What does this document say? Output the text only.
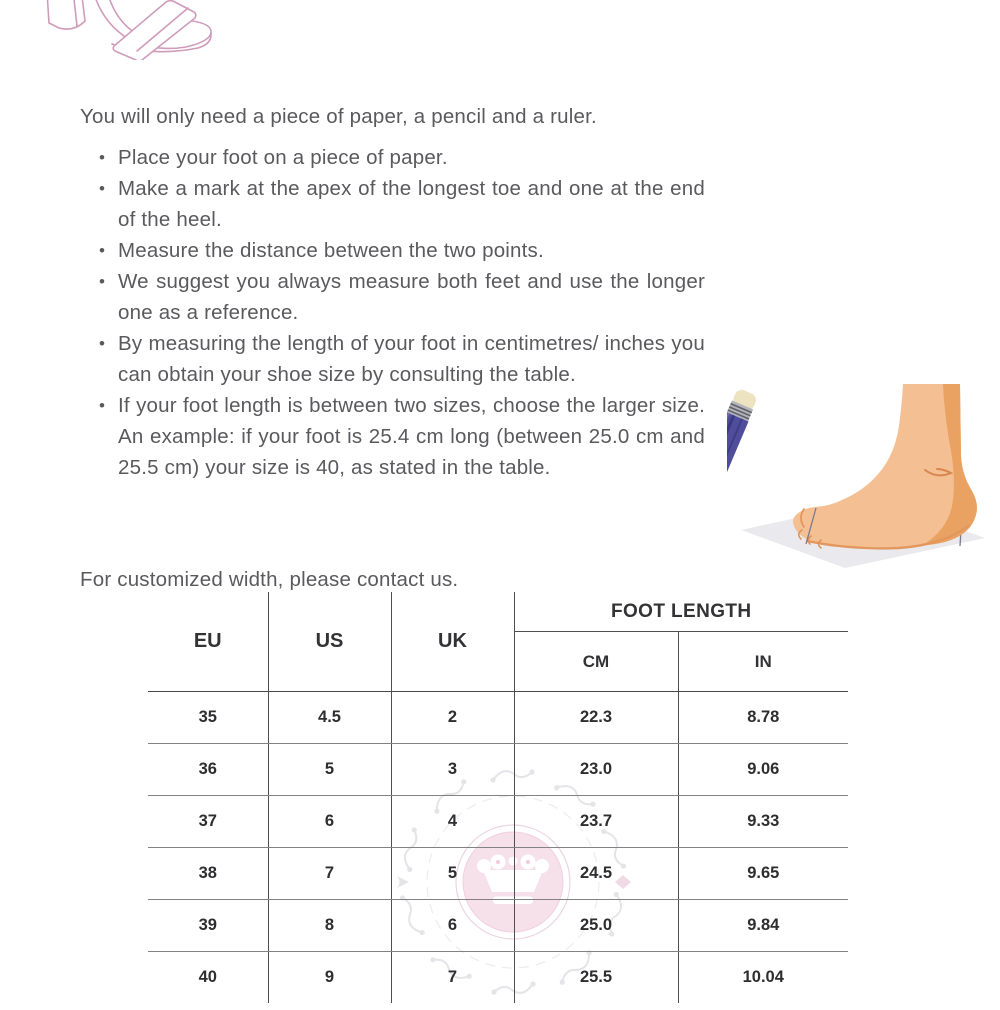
You will only need a piece of paper, a pencil and a ruler.

• Place your foot on a piece of paper.
• Make a mark at the apex of the longest toe and one at the end of the heel.
• Measure the distance between the two points.
• We suggest you always measure both feet and use the longer one as a reference.
• By measuring the length of your foot in centimetres/ inches you can obtain your shoe size by consulting the table.
• If your foot length is between two sizes, choose the larger size. An example: if your foot is 25.4 cm long (between 25.0 cm and 25.5 cm) your size is 40, as stated in the table.

For customized width, please contact us.

EU	US	UK	FOOT LENGTH	
			CM	IN
35	4.5	2	22.3	8.78
36	5	3	23.0	9.06
37	6	4	23.7	9.33
38	7	5	24.5	9.65
39	8	6	25.0	9.84
40	9	7	25.5	10.04
